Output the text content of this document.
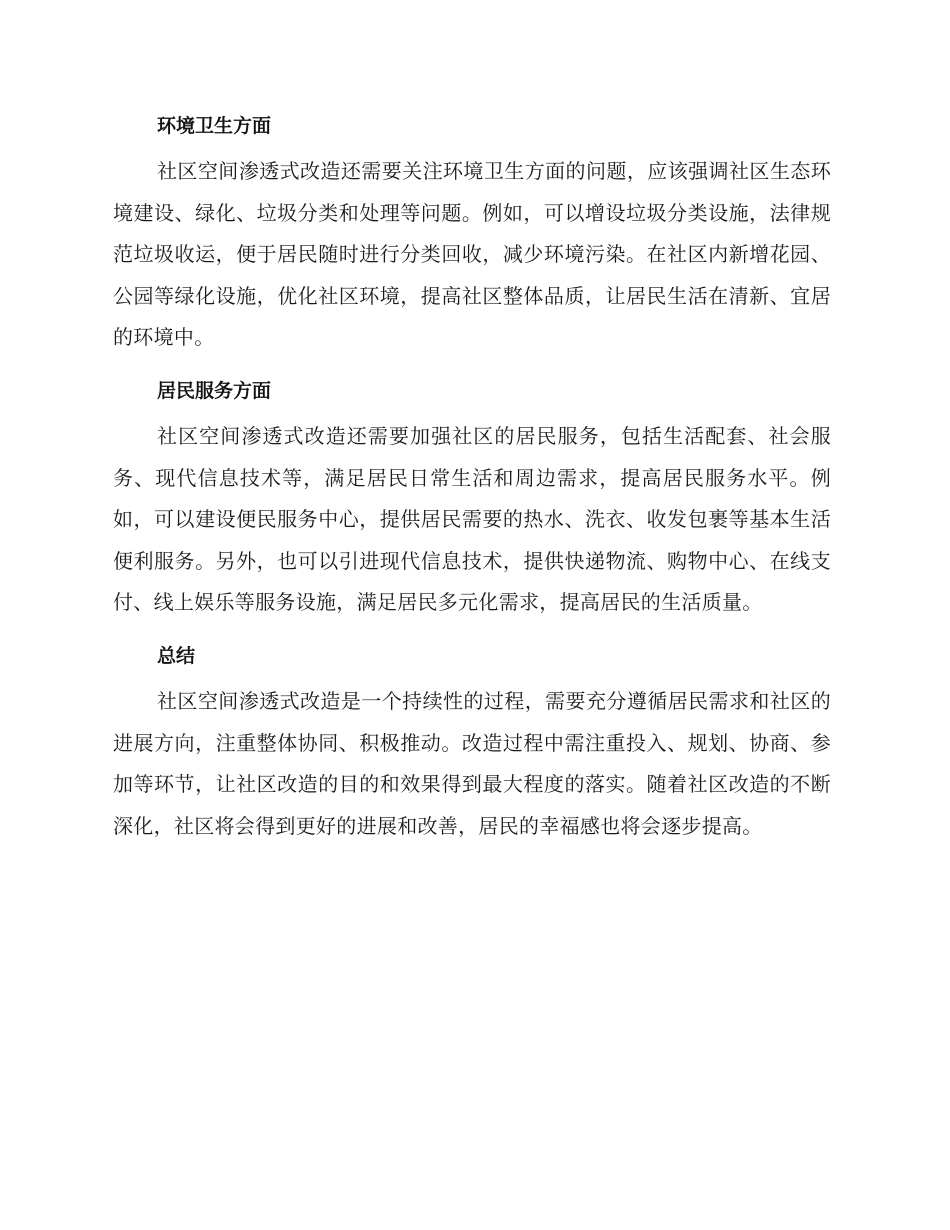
环境卫生方面

社区空间渗透式改造还需要关注环境卫生方面的问题，应该强调社区生态环境建设、绿化、垃圾分类和处理等问题。例如，可以增设垃圾分类设施，法律规范垃圾收运，便于居民随时进行分类回收，减少环境污染。在社区内新增花园、公园等绿化设施，优化社区环境，提高社区整体品质，让居民生活在清新、宜居的环境中。

居民服务方面

社区空间渗透式改造还需要加强社区的居民服务，包括生活配套、社会服务、现代信息技术等，满足居民日常生活和周边需求，提高居民服务水平。例如，可以建设便民服务中心，提供居民需要的热水、洗衣、收发包裹等基本生活便利服务。另外，也可以引进现代信息技术，提供快递物流、购物中心、在线支付、线上娱乐等服务设施，满足居民多元化需求，提高居民的生活质量。

总结

社区空间渗透式改造是一个持续性的过程，需要充分遵循居民需求和社区的进展方向，注重整体协同、积极推动。改造过程中需注重投入、规划、协商、参加等环节，让社区改造的目的和效果得到最大程度的落实。随着社区改造的不断深化，社区将会得到更好的进展和改善，居民的幸福感也将会逐步提高。
